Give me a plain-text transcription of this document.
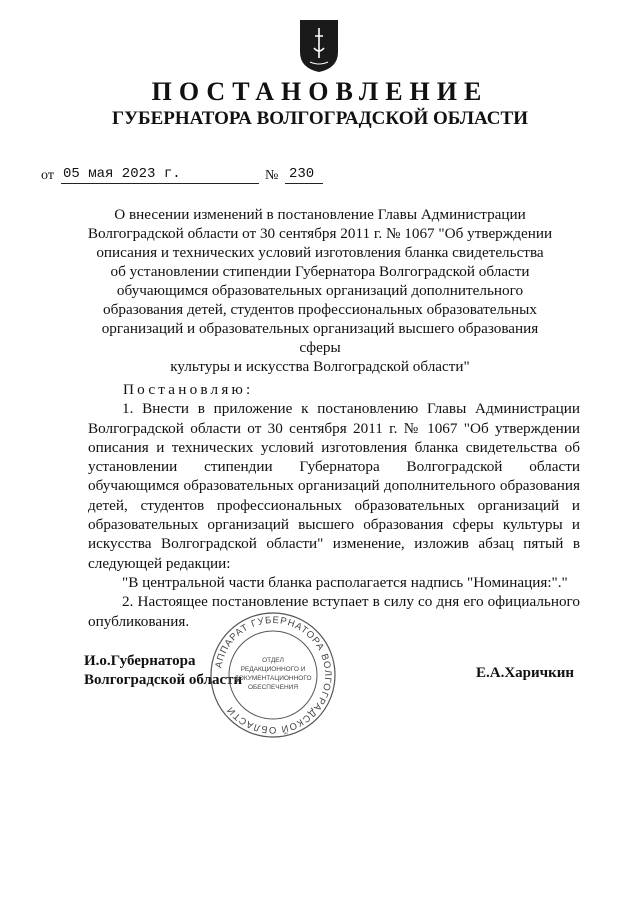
ПОСТАНОВЛЕНИЕ
ГУБЕРНАТОРА ВОЛГОГРАДСКОЙ ОБЛАСТИ
от 05 мая 2023 г.	№ 230
О внесении изменений в постановление Главы Администрации
Волгоградской области от 30 сентября 2011 г. № 1067 "Об утверждении
описания и технических условий изготовления бланка свидетельства
об установлении стипендии Губернатора Волгоградской области
обучающимся образовательных организаций дополнительного
образования детей, студентов профессиональных образовательных
организаций и образовательных организаций высшего образования сферы
культуры и искусства Волгоградской области"

Постановляю:

1. Внести в приложение к постановлению Главы Администрации Волгоградской области от 30 сентября 2011 г. № 1067 "Об утверждении описания и технических условий изготовления бланка свидетельства об установлении стипендии Губернатора Волгоградской области обучающимся образовательных организаций дополнительного образования детей, студентов профессиональных образовательных организаций и образовательных организаций высшего образования сферы культуры и искусства Волгоградской области" изменение, изложив абзац пятый в следующей редакции:

"В центральной части бланка располагается надпись "Номинация:"."

2. Настоящее постановление вступает в силу со дня его официального опубликования.

И.о.Губернатора
Волгоградской области	Е.А.Харичкин
АППАРАТ ГУБЕРНАТОРА ВОЛГОГРАДСКОЙ ОБЛАСТИ
ОТДЕЛ
РЕДАКЦИОННОГО И
ДОКУМЕНТАЦИОННОГО
ОБЕСПЕЧЕНИЯ
